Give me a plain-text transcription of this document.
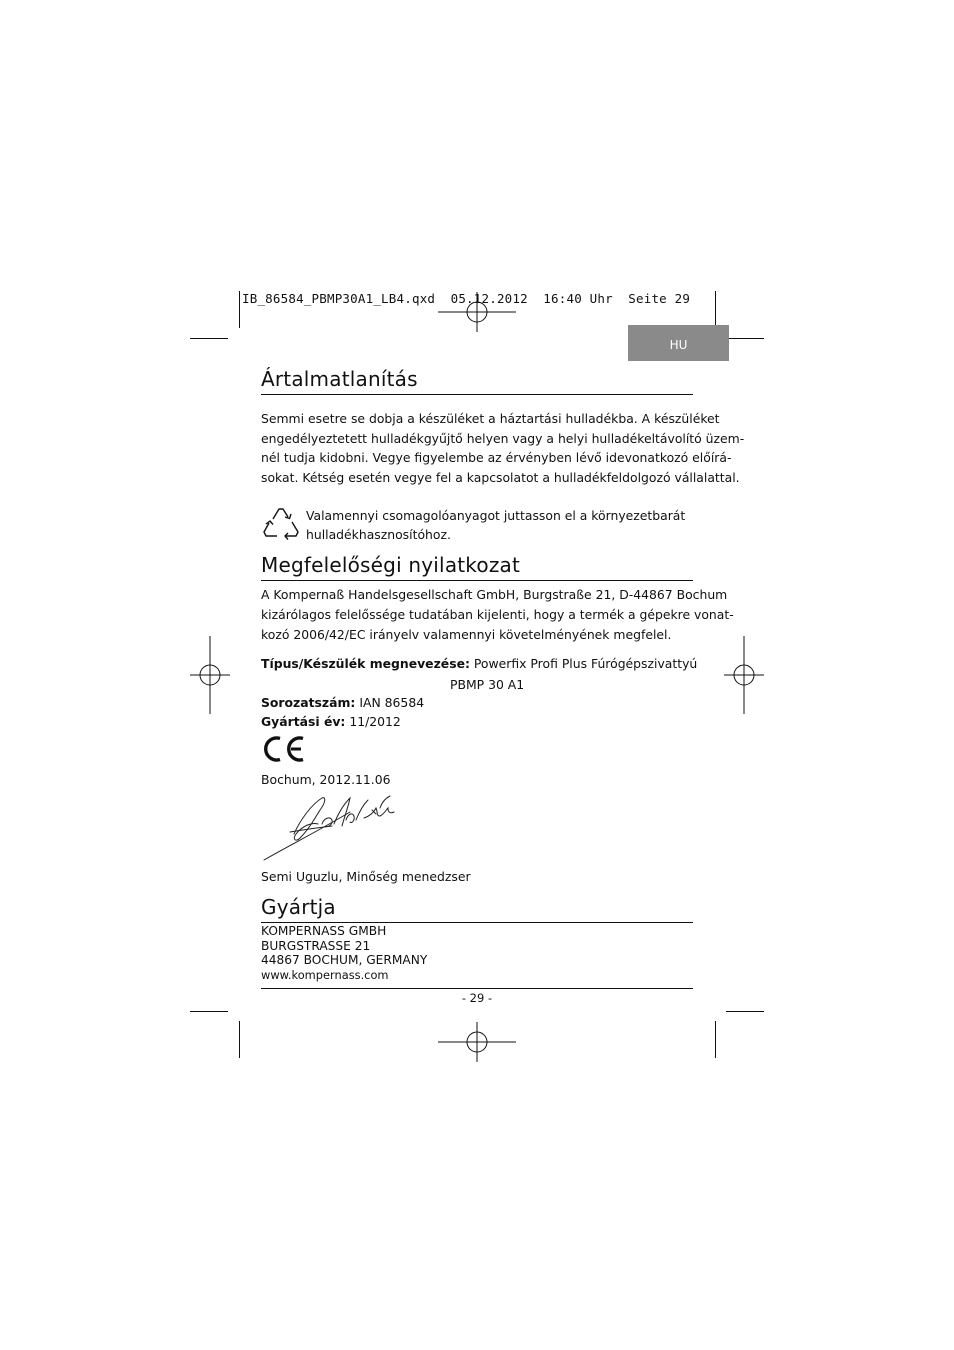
IB_86584_PBMP30A1_LB4.qxd  05.12.2012  16:40 Uhr  Seite 29
HU
Ártalmatlanítás
Semmi esetre se dobja a készüléket a háztartási hulladékba. A készüléket
engedélyeztetett hulladékgyűjtő helyen vagy a helyi hulladékeltávolító üzem-
nél tudja kidobni. Vegye figyelembe az érvényben lévő idevonatkozó előírá-
sokat. Kétség esetén vegye fel a kapcsolatot a hulladékfeldolgozó vállalattal.
Valamennyi csomagolóanyagot juttasson el a környezetbarát
hulladékhasznosítóhoz.
Megfelelőségi nyilatkozat
A Kompernaß Handelsgesellschaft GmbH, Burgstraße 21, D-44867 Bochum
kizárólagos felelőssége tudatában kijelenti, hogy a termék a gépekre vonat-
kozó 2006/42/EC irányelv valamennyi követelményének megfelel.
Típus/Készülék megnevezése: Powerfix Profi Plus Fúrógépszivattyú
PBMP 30 A1
Sorozatszám: IAN 86584
Gyártási év: 11/2012
Bochum, 2012.11.06
Semi Uguzlu, Minőség menedzser
Gyártja
KOMPERNASS GMBH
BURGSTRASSE 21
44867 BOCHUM, GERMANY
www.kompernass.com
- 29 -
